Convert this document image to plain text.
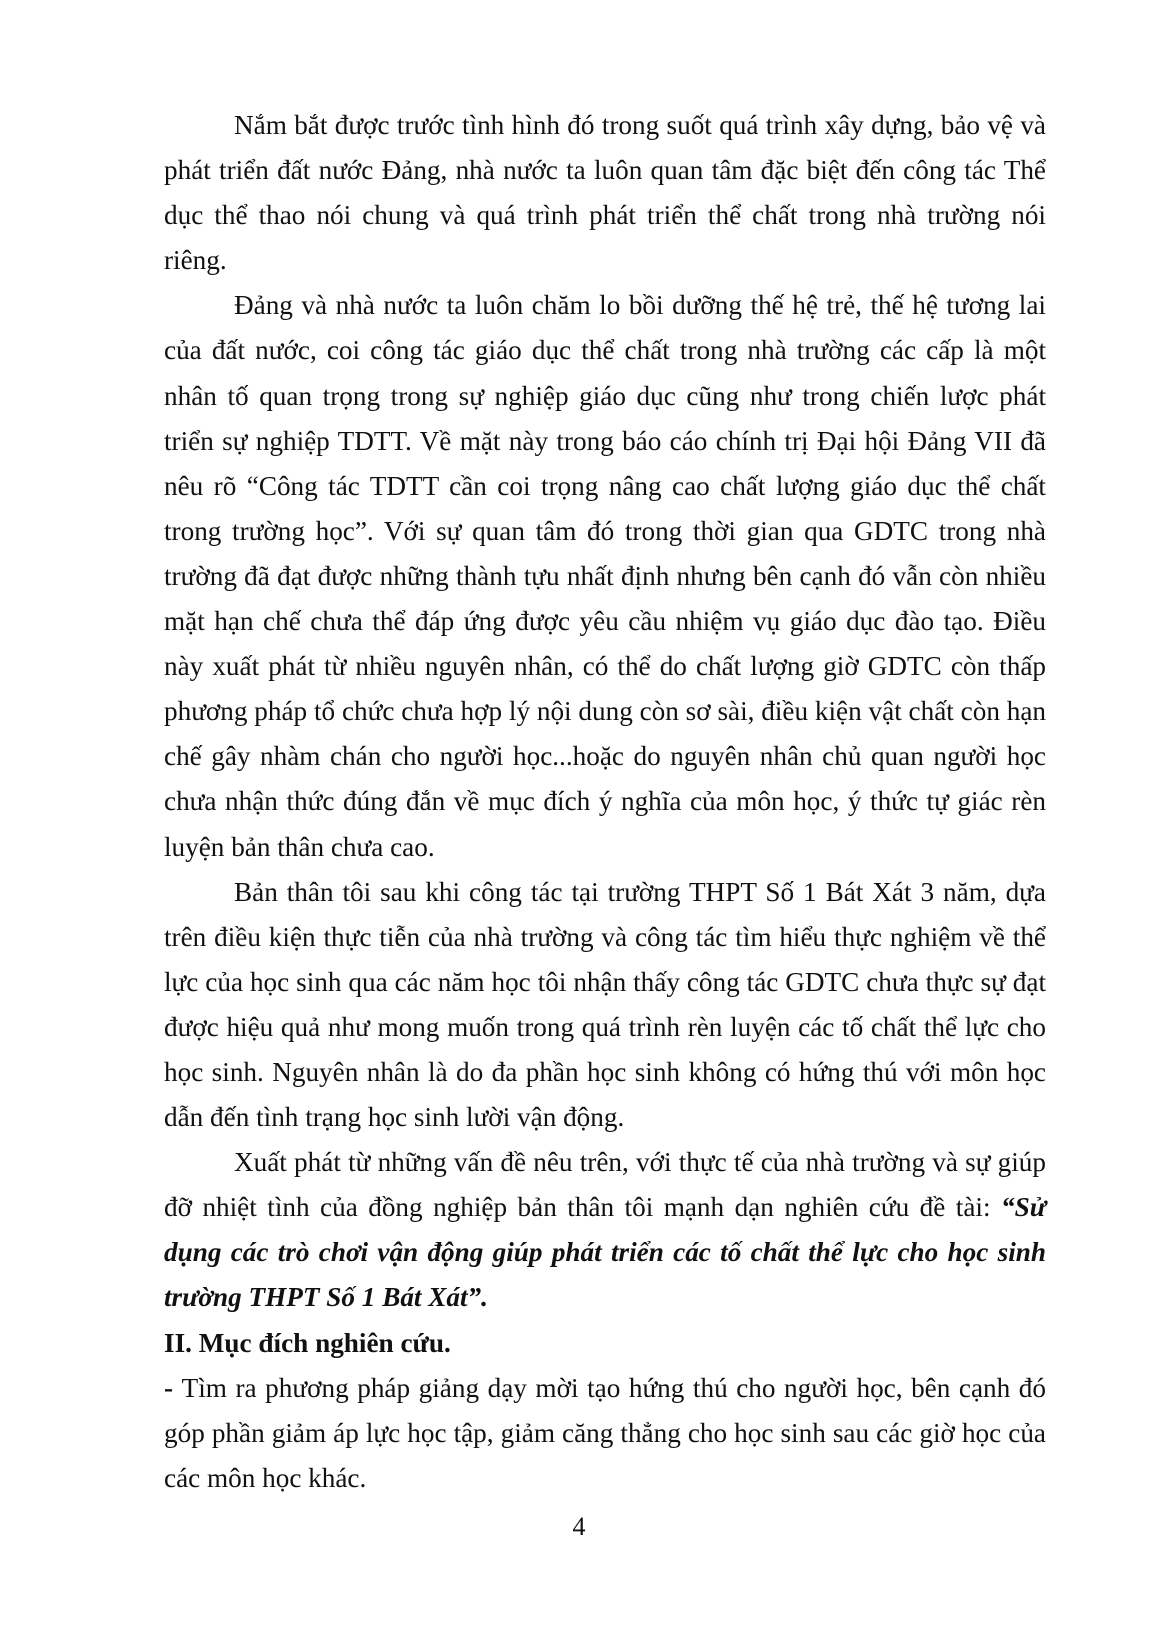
Nắm bắt được trước tình hình đó trong suốt quá trình xây dựng, bảo vệ và phát triển đất nước Đảng, nhà nước ta luôn quan tâm đặc biệt đến công tác Thể dục thể thao nói chung và quá trình phát triển thể chất trong nhà trường nói riêng.

Đảng và nhà nước ta luôn chăm lo bồi dưỡng thế hệ trẻ, thế hệ tương lai của đất nước, coi công tác giáo dục thể chất trong nhà trường các cấp là một nhân tố quan trọng trong sự nghiệp giáo dục cũng như trong chiến lược phát triển sự nghiệp TDTT. Về mặt này trong báo cáo chính trị Đại hội Đảng VII đã nêu rõ “Công tác TDTT cần coi trọng nâng cao chất lượng giáo dục thể chất trong trường học”. Với sự quan tâm đó trong thời gian qua GDTC trong nhà trường đã đạt được những thành tựu nhất định nhưng bên cạnh đó vẫn còn nhiều mặt hạn chế chưa thể đáp ứng được yêu cầu nhiệm vụ giáo dục đào tạo. Điều này xuất phát từ nhiều nguyên nhân, có thể do chất lượng giờ GDTC còn thấp phương pháp tổ chức chưa hợp lý nội dung còn sơ sài, điều kiện vật chất còn hạn chế gây nhàm chán cho người học...hoặc do nguyên nhân chủ quan người học chưa nhận thức đúng đắn về mục đích ý nghĩa của môn học, ý thức tự giác rèn luyện bản thân chưa cao.

Bản thân tôi sau khi công tác tại trường THPT Số 1 Bát Xát 3 năm, dựa trên điều kiện thực tiễn của nhà trường và công tác tìm hiểu thực nghiệm về thể lực của học sinh qua các năm học tôi nhận thấy công tác GDTC chưa thực sự đạt được hiệu quả như mong muốn trong quá trình rèn luyện các tố chất thể lực cho học sinh. Nguyên nhân là do đa phần học sinh không có hứng thú với môn học dẫn đến tình trạng học sinh lười vận động.

Xuất phát từ những vấn đề nêu trên, với thực tế của nhà trường và sự giúp đỡ nhiệt tình của đồng nghiệp bản thân tôi mạnh dạn nghiên cứu đề tài: “Sử dụng các trò chơi vận động giúp phát triển các tố chất thể lực cho học sinh trường THPT Số 1 Bát Xát”.

II. Mục đích nghiên cứu.

- Tìm ra phương pháp giảng dạy mời tạo hứng thú cho người học, bên cạnh đó góp phần giảm áp lực học tập, giảm căng thẳng cho học sinh sau các giờ học của các môn học khác.

4
